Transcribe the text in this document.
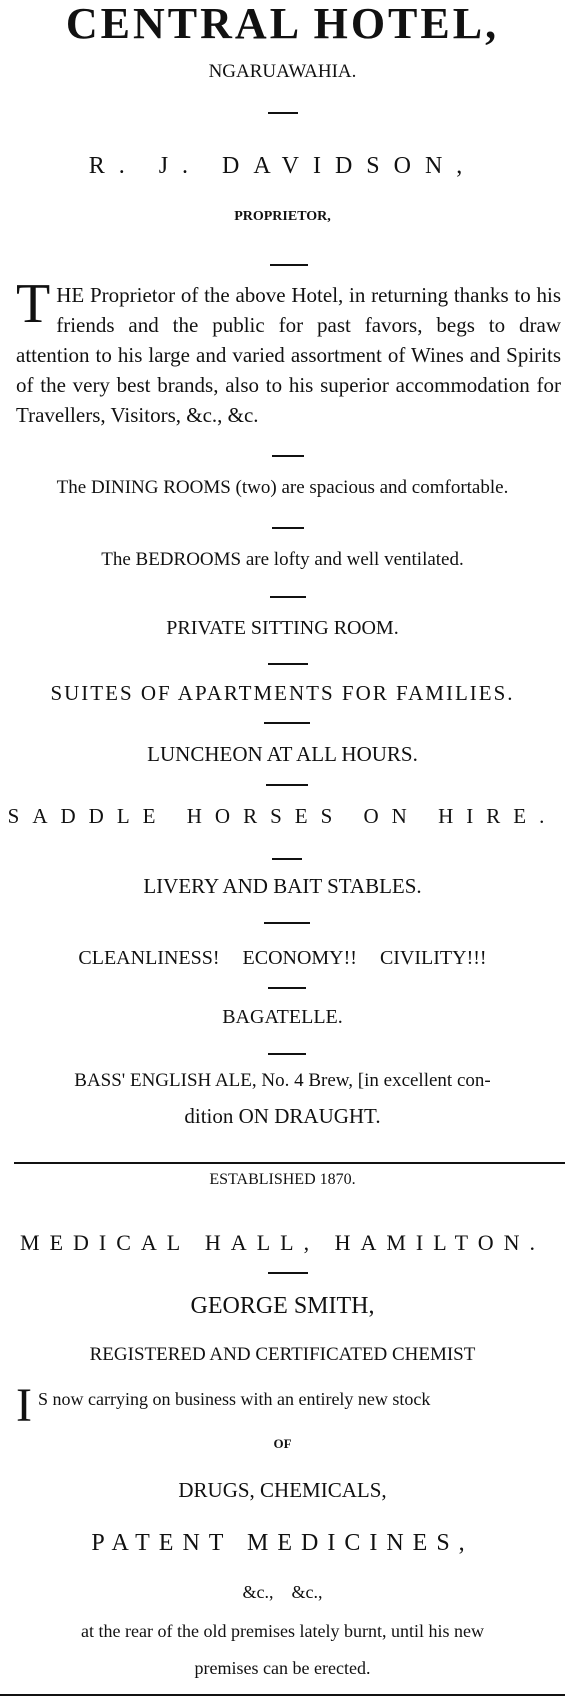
CENTRAL HOTEL,
NGARUAWAHIA.
R. J. DAVIDSON,
PROPRIETOR,
T HE Proprietor of the above Hotel, in returning thanks to his friends and the public for past favors, begs to draw attention to his large and varied assortment of Wines and Spirits of the very best brands, also to his superior accommodation for Travellers, Visitors, &c., &c.
The DINING ROOMS (two) are spacious and comfortable.
The BEDROOMS are lofty and well ventilated.
PRIVATE SITTING ROOM.
SUITES OF APARTMENTS FOR FAMILIES.
LUNCHEON AT ALL HOURS.
SADDLE HORSES ON HIRE.
LIVERY AND BAIT STABLES.
CLEANLINESS! ECONOMY!! CIVILITY!!!
BAGATELLE.
BASS' ENGLISH ALE, No. 4 Brew, [in excellent con-
dition ON DRAUGHT.
ESTABLISHED 1870.
MEDICAL HALL, HAMILTON.
GEORGE SMITH,
REGISTERED AND CERTIFICATED CHEMIST
I S now carrying on business with an entirely new stock
OF
DRUGS, CHEMICALS,
PATENT MEDICINES,
&c.,    &c.,
at the rear of the old premises lately burnt, until his new
premises can be erected.
